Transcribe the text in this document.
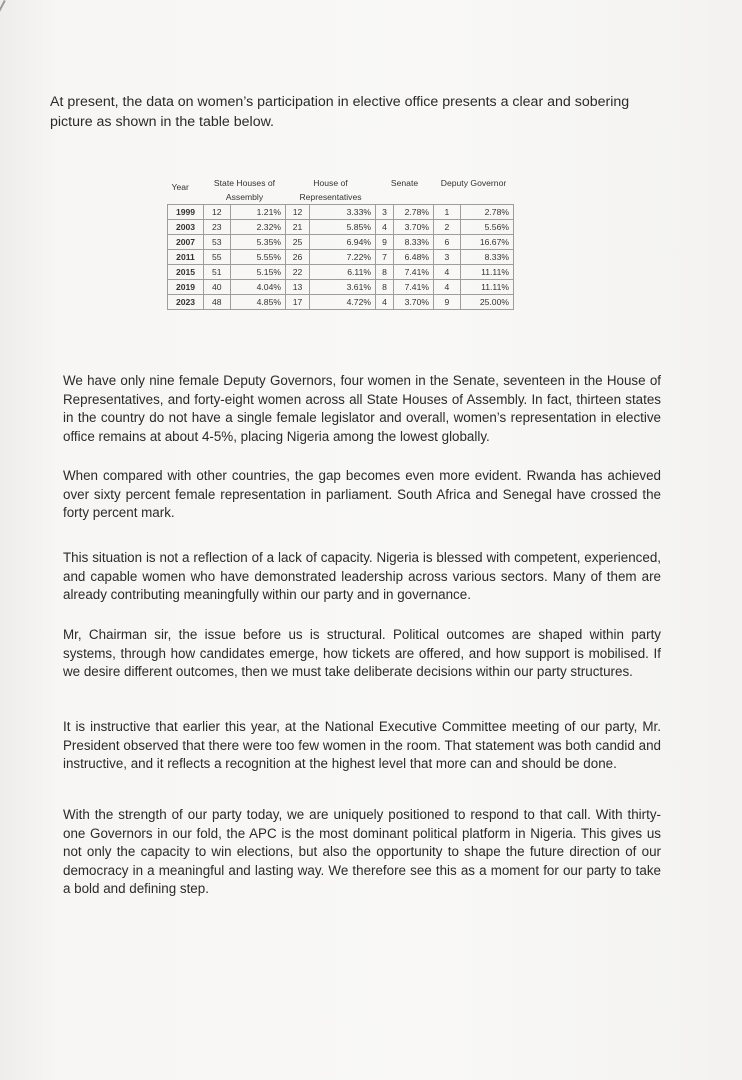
At present, the data on women’s participation in elective office presents a clear and sobering picture as shown in the table below.

Year	State Houses of Assembly		House of Representatives		Senate		Deputy Governor	
1999	12	1.21%	12	3.33%	3	2.78%	1	2.78%
2003	23	2.32%	21	5.85%	4	3.70%	2	5.56%
2007	53	5.35%	25	6.94%	9	8.33%	6	16.67%
2011	55	5.55%	26	7.22%	7	6.48%	3	8.33%
2015	51	5.15%	22	6.11%	8	7.41%	4	11.11%
2019	40	4.04%	13	3.61%	8	7.41%	4	11.11%
2023	48	4.85%	17	4.72%	4	3.70%	9	25.00%

We have only nine female Deputy Governors, four women in the Senate, seventeen in the House of Representatives, and forty-eight women across all State Houses of Assembly. In fact, thirteen states in the country do not have a single female legislator and overall, women’s representation in elective office remains at about 4-5%, placing Nigeria among the lowest globally.

When compared with other countries, the gap becomes even more evident. Rwanda has achieved over sixty percent female representation in parliament. South Africa and Senegal have crossed the forty percent mark.

This situation is not a reflection of a lack of capacity. Nigeria is blessed with competent, experienced, and capable women who have demonstrated leadership across various sectors. Many of them are already contributing meaningfully within our party and in governance.

Mr, Chairman sir, the issue before us is structural. Political outcomes are shaped within party systems, through how candidates emerge, how tickets are offered, and how support is mobilised. If we desire different outcomes, then we must take deliberate decisions within our party structures.

It is instructive that earlier this year, at the National Executive Committee meeting of our party, Mr. President observed that there were too few women in the room. That statement was both candid and instructive, and it reflects a recognition at the highest level that more can and should be done.

With the strength of our party today, we are uniquely positioned to respond to that call. With thirty-one Governors in our fold, the APC is the most dominant political platform in Nigeria. This gives us not only the capacity to win elections, but also the opportunity to shape the future direction of our democracy in a meaningful and lasting way. We therefore see this as a moment for our party to take a bold and defining step.
